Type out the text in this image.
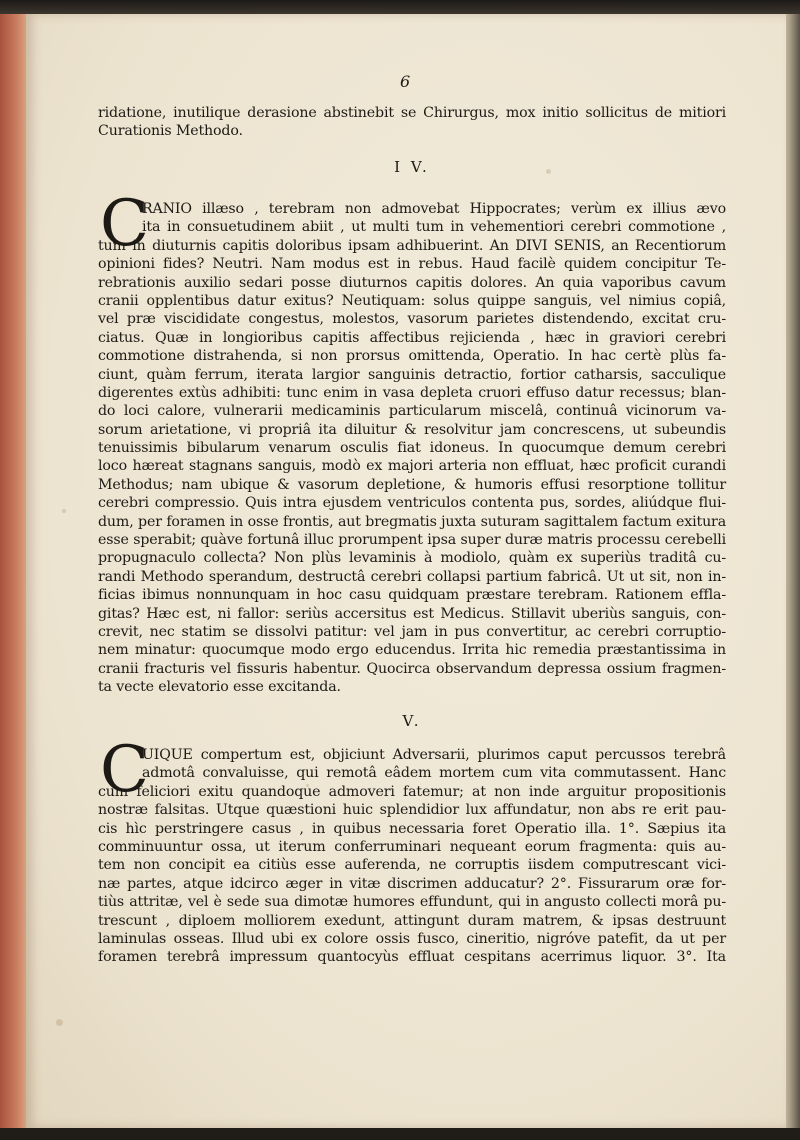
6
ridatione, inutilique derasione abstinebit se Chirurgus, mox initio sollicitus de mitiori
Curationis Methodo.
I V.
C
RANIO illæso , terebram non admovebat Hippocrates; verùm ex illius ævo
ita in consuetudinem abiit , ut multi tum in vehementiori cerebri commotione ,
tum in diuturnis capitis doloribus ipsam adhibuerint. An DIVI SENIS, an Recentiorum
opinioni fides? Neutri. Nam modus est in rebus. Haud facilè quidem concipitur Te-
rebrationis auxilio sedari posse diuturnos capitis dolores. An quia vaporibus cavum
cranii opplentibus datur exitus? Neutiquam: solus quippe sanguis, vel nimius copiâ,
vel præ viscididate congestus, molestos, vasorum parietes distendendo, excitat cru-
ciatus. Quæ in longioribus capitis affectibus rejicienda , hæc in graviori cerebri
commotione distrahenda, si non prorsus omittenda, Operatio. In hac certè plùs fa-
ciunt, quàm ferrum, iterata largior sanguinis detractio, fortior catharsis, sacculique
digerentes extùs adhibiti: tunc enim in vasa depleta cruori effuso datur recessus; blan-
do loci calore, vulnerarii medicaminis particularum miscelâ, continuâ vicinorum va-
sorum arietatione, vi propriâ ita diluitur & resolvitur jam concrescens, ut subeundis
tenuissimis bibularum venarum osculis fiat idoneus. In quocumque demum cerebri
loco hæreat stagnans sanguis, modò ex majori arteria non effluat, hæc proficit curandi
Methodus; nam ubique & vasorum depletione, & humoris effusi resorptione tollitur
cerebri compressio. Quis intra ejusdem ventriculos contenta pus, sordes, aliúdque flui-
dum, per foramen in osse frontis, aut bregmatis juxta suturam sagittalem factum exitura
esse sperabit; quàve fortunâ illuc prorumpent ipsa super duræ matris processu cerebelli
propugnaculo collecta? Non plùs levaminis à modiolo, quàm ex superiùs traditâ cu-
randi Methodo sperandum, destructâ cerebri collapsi partium fabricâ. Ut ut sit, non in-
ficias ibimus nonnunquam in hoc casu quidquam præstare terebram. Rationem effla-
gitas? Hæc est, ni fallor: seriùs accersitus est Medicus. Stillavit uberiùs sanguis, con-
crevit, nec statim se dissolvi patitur: vel jam in pus convertitur, ac cerebri corruptio-
nem minatur: quocumque modo ergo educendus. Irrita hic remedia præstantissima in
cranii fracturis vel fissuris habentur. Quocirca observandum depressa ossium fragmen-
ta vecte elevatorio esse excitanda.
V.
C
UIQUE compertum est, objiciunt Adversarii, plurimos caput percussos terebrâ
admotâ convaluisse, qui remotâ eâdem mortem cum vita commutassent. Hanc
cum feliciori exitu quandoque admoveri fatemur; at non inde arguitur propositionis
nostræ falsitas. Utque quæstioni huic splendidior lux affundatur, non abs re erit pau-
cis hìc perstringere casus , in quibus necessaria foret Operatio illa. 1°. Sæpius ita
comminuuntur ossa, ut iterum conferruminari nequeant eorum fragmenta: quis au-
tem non concipit ea citiùs esse auferenda, ne corruptis iisdem computrescant vici-
næ partes, atque idcirco æger in vitæ discrimen adducatur? 2°. Fissurarum oræ for-
tiùs attritæ, vel è sede sua dimotæ humores effundunt, qui in angusto collecti morâ pu-
trescunt , diploem molliorem exedunt, attingunt duram matrem, & ipsas destruunt
laminulas osseas. Illud ubi ex colore ossis fusco, cineritio, nigróve patefit, da ut per
foramen terebrâ impressum quantocyùs effluat cespitans acerrimus liquor. 3°. Ita
